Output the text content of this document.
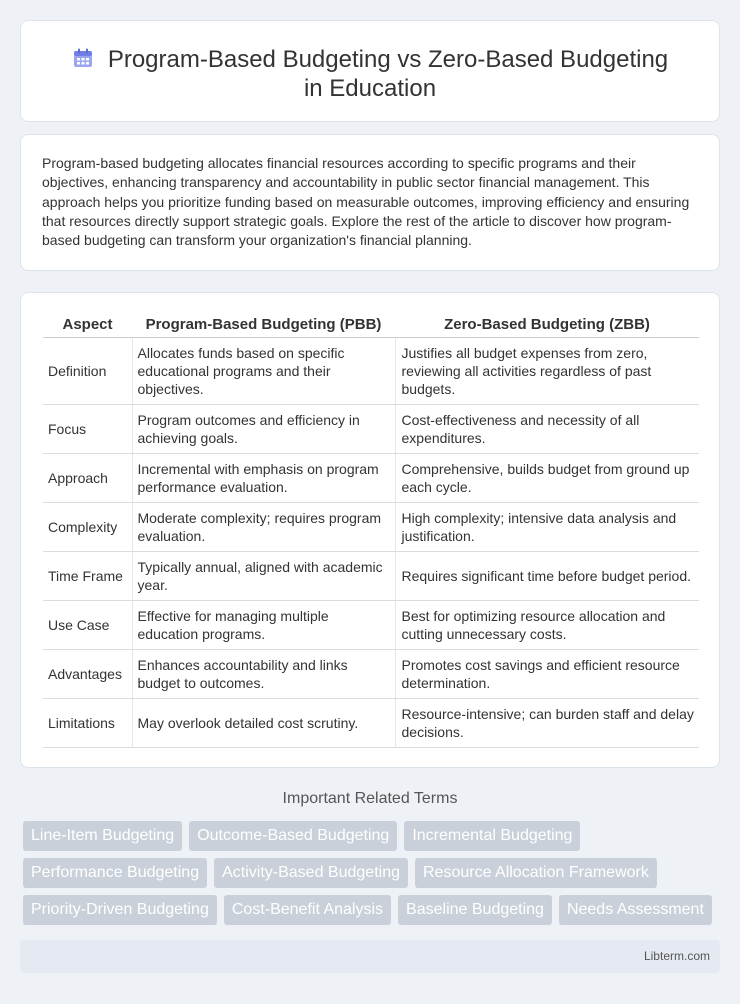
Program-Based Budgeting vs Zero-Based Budgeting in Education

Program-based budgeting allocates financial resources according to specific programs and their objectives, enhancing transparency and accountability in public sector financial management. This approach helps you prioritize funding based on measurable outcomes, improving efficiency and ensuring that resources directly support strategic goals. Explore the rest of the article to discover how program-based budgeting can transform your organization's financial planning.

Aspect	Program-Based Budgeting (PBB)	Zero-Based Budgeting (ZBB)
Definition	Allocates funds based on specific educational programs and their objectives.	Justifies all budget expenses from zero, reviewing all activities regardless of past budgets.
Focus	Program outcomes and efficiency in achieving goals.	Cost-effectiveness and necessity of all expenditures.
Approach	Incremental with emphasis on program performance evaluation.	Comprehensive, builds budget from ground up each cycle.
Complexity	Moderate complexity; requires program evaluation.	High complexity; intensive data analysis and justification.
Time Frame	Typically annual, aligned with academic year.	Requires significant time before budget period.
Use Case	Effective for managing multiple education programs.	Best for optimizing resource allocation and cutting unnecessary costs.
Advantages	Enhances accountability and links budget to outcomes.	Promotes cost savings and efficient resource determination.
Limitations	May overlook detailed cost scrutiny.	Resource-intensive; can burden staff and delay decisions.
Important Related Terms
Line-Item Budgeting	Outcome-Based Budgeting	Incremental Budgeting
Performance Budgeting	Activity-Based Budgeting	Resource Allocation Framework
Priority-Driven Budgeting	Cost-Benefit Analysis	Baseline Budgeting	Needs Assessment
Libterm.com
